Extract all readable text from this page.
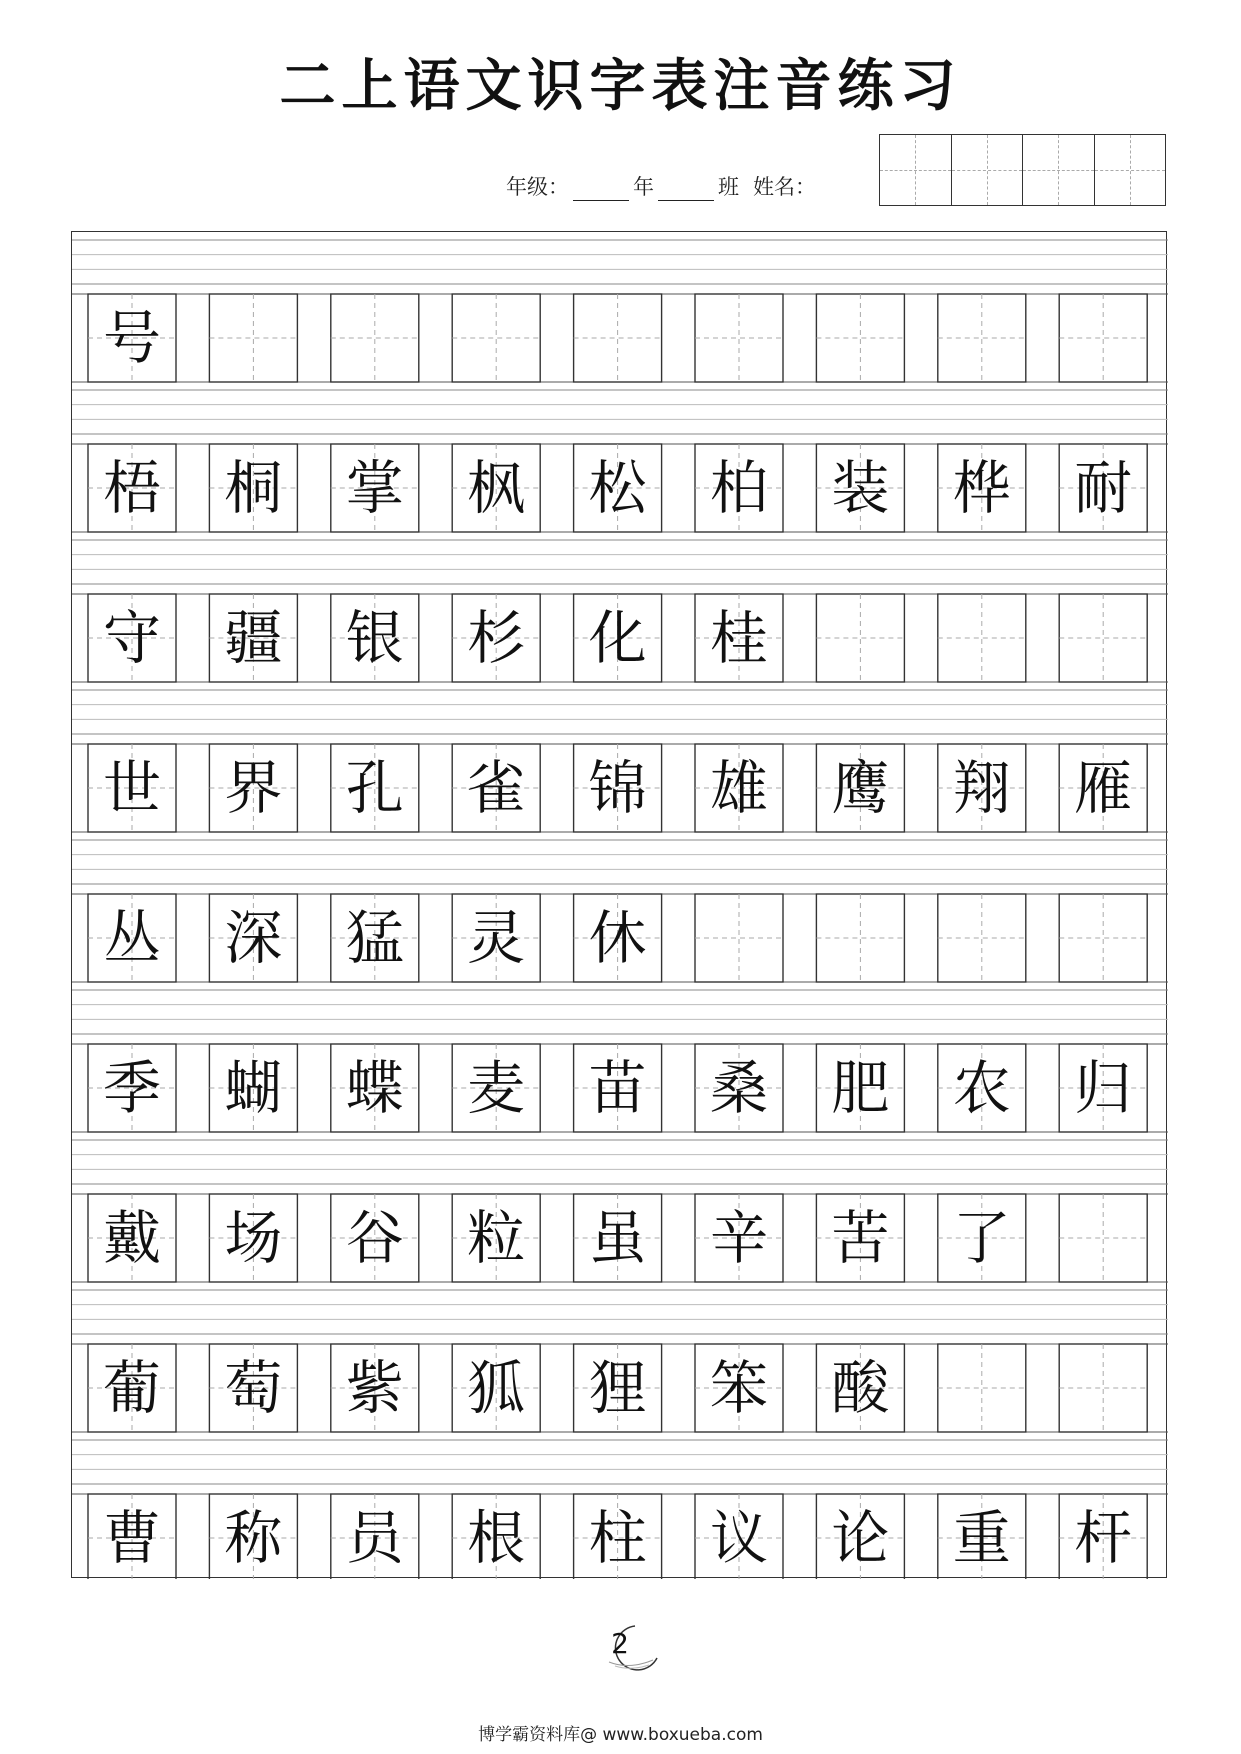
二上语文识字表注音练习
年级：	年	班 姓名：
号
梧 桐 掌 枫 松 柏 装 桦 耐
守 疆 银 杉 化 桂
世 界 孔 雀 锦 雄 鹰 翔 雁
丛 深 猛 灵 休
季 蝴 蝶 麦 苗 桑 肥 农 归
戴 场 谷 粒 虽 辛 苦 了
葡 萄 紫 狐 狸 笨 酸
曹 称 员 根 柱 议 论 重 杆
2
博学霸资料库@ www.boxueba.com
